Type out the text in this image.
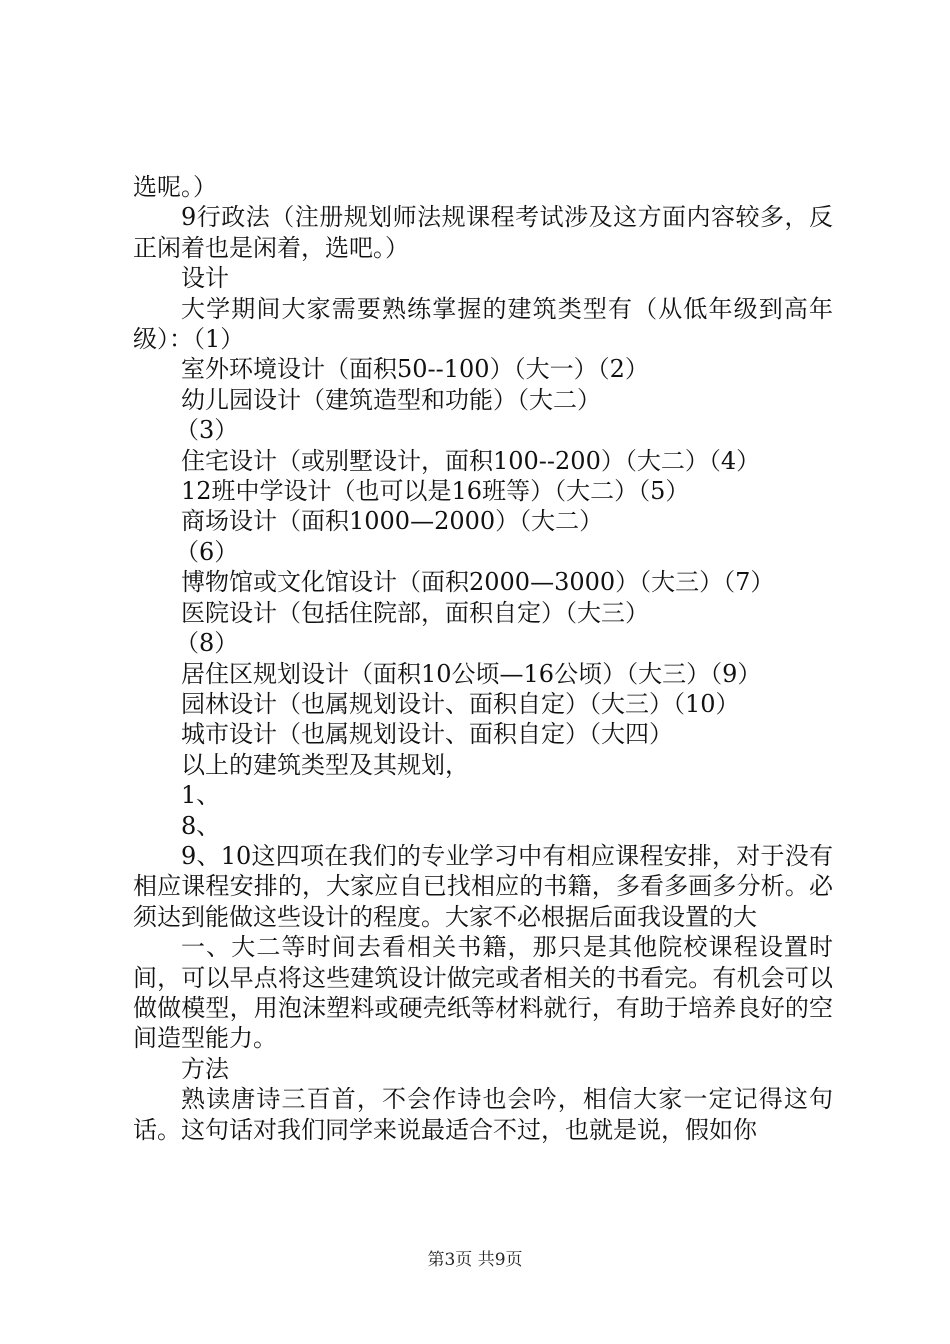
选呢。）

9行政法（注册规划师法规课程考试涉及这方面内容较多，反正闲着也是闲着，选吧。）

设计

大学期间大家需要熟练掌握的建筑类型有（从低年级到高年级）：（1）

室外环境设计（面积50--100）（大一）（2）

幼儿园设计（建筑造型和功能）（大二）

（3）

住宅设计（或别墅设计，面积100--200）（大二）（4）

12班中学设计（也可以是16班等）（大二）（5）

商场设计（面积1000—2000）（大二）

（6）

博物馆或文化馆设计（面积2000—3000）（大三）（7）

医院设计（包括住院部，面积自定）（大三）

（8）

居住区规划设计（面积10公顷—16公顷）（大三）（9）

园林设计（也属规划设计、面积自定）（大三）（10）

城市设计（也属规划设计、面积自定）（大四）

以上的建筑类型及其规划，

1、

8、

9、10这四项在我们的专业学习中有相应课程安排，对于没有相应课程安排的，大家应自已找相应的书籍，多看多画多分析。必须达到能做这些设计的程度。大家不必根据后面我设置的大

一、大二等时间去看相关书籍，那只是其他院校课程设置时间，可以早点将这些建筑设计做完或者相关的书看完。有机会可以做做模型，用泡沫塑料或硬壳纸等材料就行，有助于培养良好的空间造型能力。

方法

熟读唐诗三百首，不会作诗也会吟，相信大家一定记得这句话。这句话对我们同学来说最适合不过，也就是说，假如你

第3页 共9页
